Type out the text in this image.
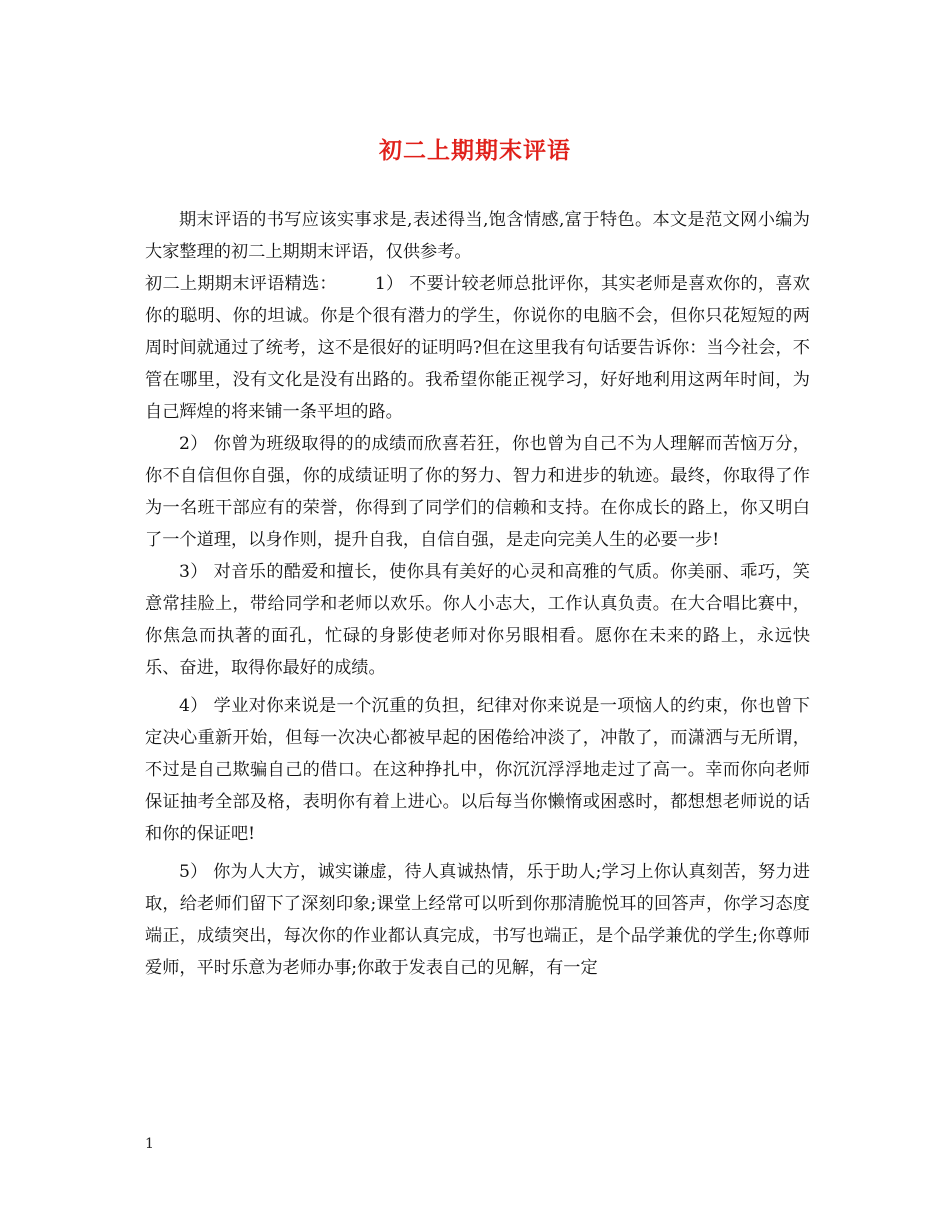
初二上期期末评语

期末评语的书写应该实事求是,表述得当,饱含情感,富于特色。本文是范文网小编为大家整理的初二上期期末评语，仅供参考。

初二上期期末评语精选： 1） 不要计较老师总批评你，其实老师是喜欢你的，喜欢你的聪明、你的坦诚。你是个很有潜力的学生，你说你的电脑不会，但你只花短短的两周时间就通过了统考，这不是很好的证明吗?但在这里我有句话要告诉你：当今社会，不管在哪里，没有文化是没有出路的。我希望你能正视学习，好好地利用这两年时间，为自己辉煌的将来铺一条平坦的路。

2） 你曾为班级取得的的成绩而欣喜若狂，你也曾为自己不为人理解而苦恼万分，你不自信但你自强，你的成绩证明了你的努力、智力和进步的轨迹。最终，你取得了作为一名班干部应有的荣誉，你得到了同学们的信赖和支持。在你成长的路上，你又明白了一个道理，以身作则，提升自我，自信自强，是走向完美人生的必要一步!

3） 对音乐的酷爱和擅长，使你具有美好的心灵和高雅的气质。你美丽、乖巧，笑意常挂脸上，带给同学和老师以欢乐。你人小志大，工作认真负责。在大合唱比赛中，你焦急而执著的面孔，忙碌的身影使老师对你另眼相看。愿你在未来的路上，永远快乐、奋进，取得你最好的成绩。

4） 学业对你来说是一个沉重的负担，纪律对你来说是一项恼人的约束，你也曾下定决心重新开始，但每一次决心都被早起的困倦给冲淡了，冲散了，而潇洒与无所谓，不过是自己欺骗自己的借口。在这种挣扎中，你沉沉浮浮地走过了高一。幸而你向老师保证抽考全部及格，表明你有着上进心。以后每当你懒惰或困惑时，都想想老师说的话和你的保证吧!

5） 你为人大方，诚实谦虚，待人真诚热情，乐于助人;学习上你认真刻苦，努力进取，给老师们留下了深刻印象;课堂上经常可以听到你那清脆悦耳的回答声，你学习态度端正，成绩突出，每次你的作业都认真完成，书写也端正，是个品学兼优的学生;你尊师爱师，平时乐意为老师办事;你敢于发表自己的见解，有一定

1
